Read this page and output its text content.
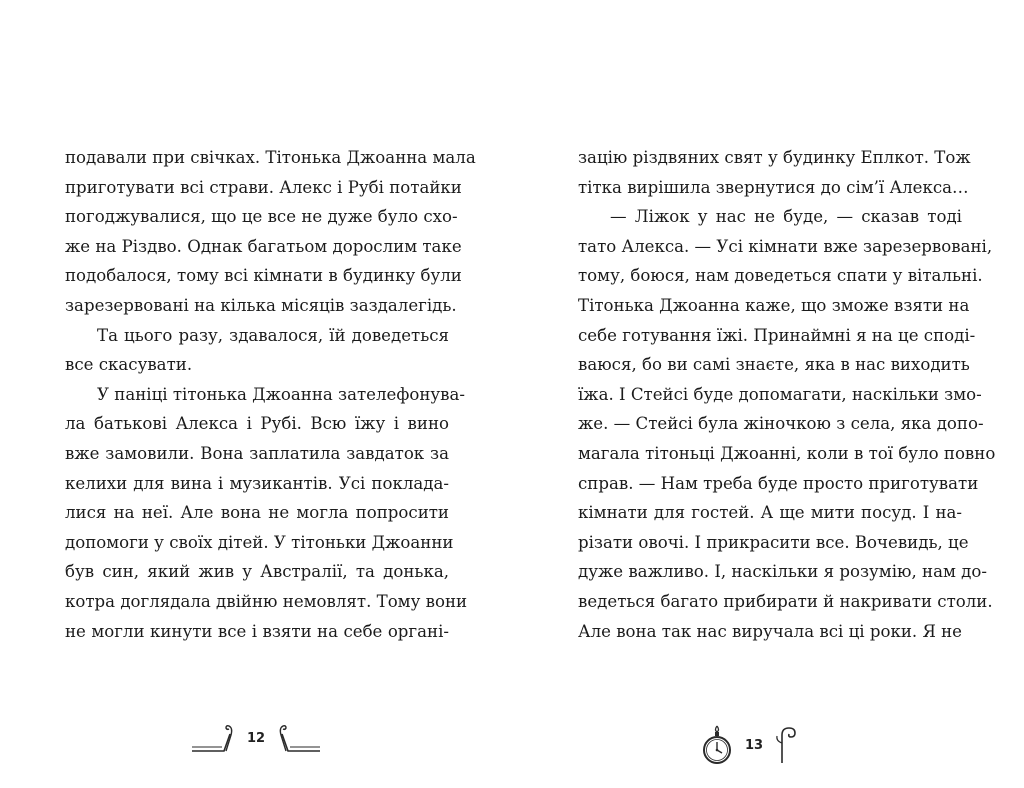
подавали при свічках. Тітонька Джоанна мала
приготувати всі страви. Алекс і Рубі потайки
погоджувалися, що це все не дуже було схо-
же на Різдво. Однак багатьом дорослим таке
подобалося, тому всі кімнати в будинку були
зарезервовані на кілька місяців заздалегідь.
Та цього разу, здавалося, їй доведеться
все скасувати.
У паніці тітонька Джоанна зателефонува-
ла батькові Алекса і Рубі. Всю їжу і вино
вже замовили. Вона заплатила завдаток за
келихи для вина і музикантів. Усі поклада-
лися на неї. Але вона не могла попросити
допомоги у своїх дітей. У тітоньки Джоанни
був син, який жив у Австралії, та донька,
котра доглядала двійню немовлят. Тому вони
не могли кинути все і взяти на себе органі-
зацію різдвяних свят у будинку Еплкот. Тож
тітка вирішила звернутися до сім’ї Алекса…
— Ліжок у нас не буде, — сказав тоді
тато Алекса. — Усі кімнати вже зарезервовані,
тому, боюся, нам доведеться спати у вітальні.
Тітонька Джоанна каже, що зможе взяти на
себе готування їжі. Принаймні я на це сподi-
ваюся, бо ви самі знаєте, яка в нас виходить
їжа. І Стейсі буде допомагати, наскільки змо-
же. — Стейсі була жіночкою з села, яка допо-
магала тітоньці Джоанні, коли в тої було повно
справ. — Нам треба буде просто приготувати
кімнати для гостей. А ще мити посуд. І на-
різати овочі. І прикрасити все. Вочевидь, це
дуже важливо. І, наскільки я розумію, нам до-
ведеться багато прибирати й накривати столи.
Але вона так нас виручала всі ці роки. Я не
12	13
